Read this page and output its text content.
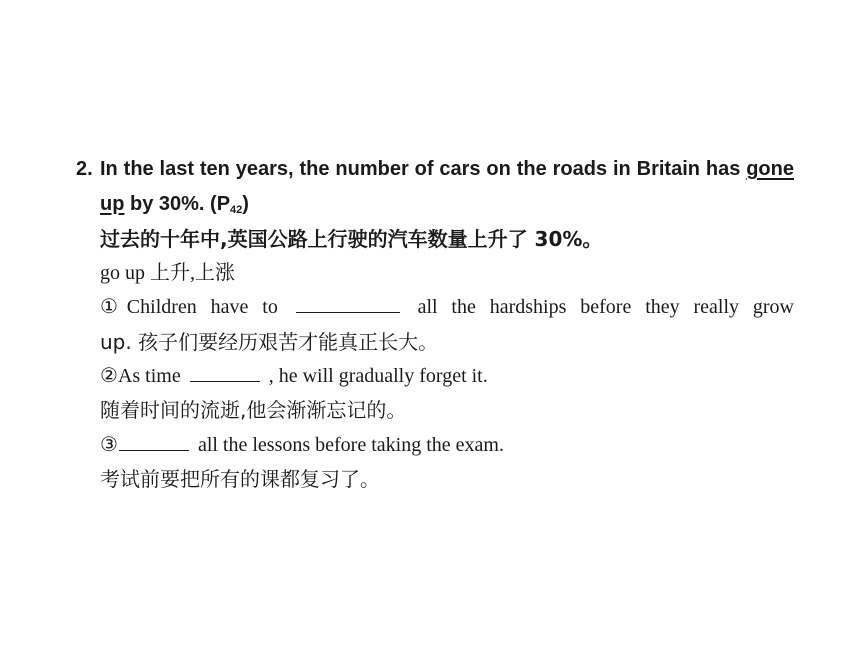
2. In the last ten years, the number of cars on the roads in Britain has gone
up by 30%. $(P_{42})$
过去的十年中,英国公路上行驶的汽车数量上升了 30%。
go up 上升,上涨
①Children have to	all the hardships before they really grow
up. 孩子们要经历艰苦才能真正长大。
②As time	, he will gradually forget it.
随着时间的流逝,他会渐渐忘记的。
③	all the lessons before taking the exam.
考试前要把所有的课都复习了。
